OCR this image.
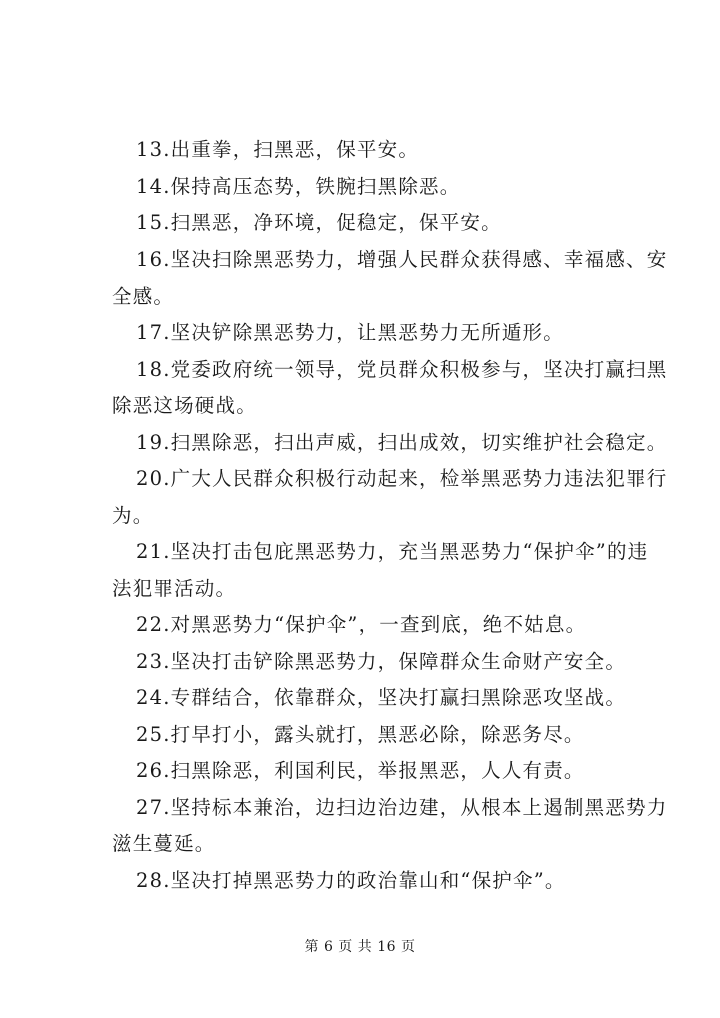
13.出重拳，扫黑恶，保平安。
14.保持高压态势，铁腕扫黑除恶。
15.扫黑恶，净环境，促稳定，保平安。
16.坚决扫除黑恶势力，增强人民群众获得感、幸福感、安
全感。
17.坚决铲除黑恶势力，让黑恶势力无所遁形。
18.党委政府统一领导，党员群众积极参与，坚决打赢扫黑
除恶这场硬战。
19.扫黑除恶，扫出声威，扫出成效，切实维护社会稳定。
20.广大人民群众积极行动起来，检举黑恶势力违法犯罪行
为。
21.坚决打击包庇黑恶势力，充当黑恶势力“保护伞”的违
法犯罪活动。
22.对黑恶势力“保护伞”，一查到底，绝不姑息。
23.坚决打击铲除黑恶势力，保障群众生命财产安全。
24.专群结合，依靠群众，坚决打赢扫黑除恶攻坚战。
25.打早打小，露头就打，黑恶必除，除恶务尽。
26.扫黑除恶，利国利民，举报黑恶，人人有责。
27.坚持标本兼治，边扫边治边建，从根本上遏制黑恶势力
滋生蔓延。
28.坚决打掉黑恶势力的政治靠山和“保护伞”。
第 6 页 共 16 页
